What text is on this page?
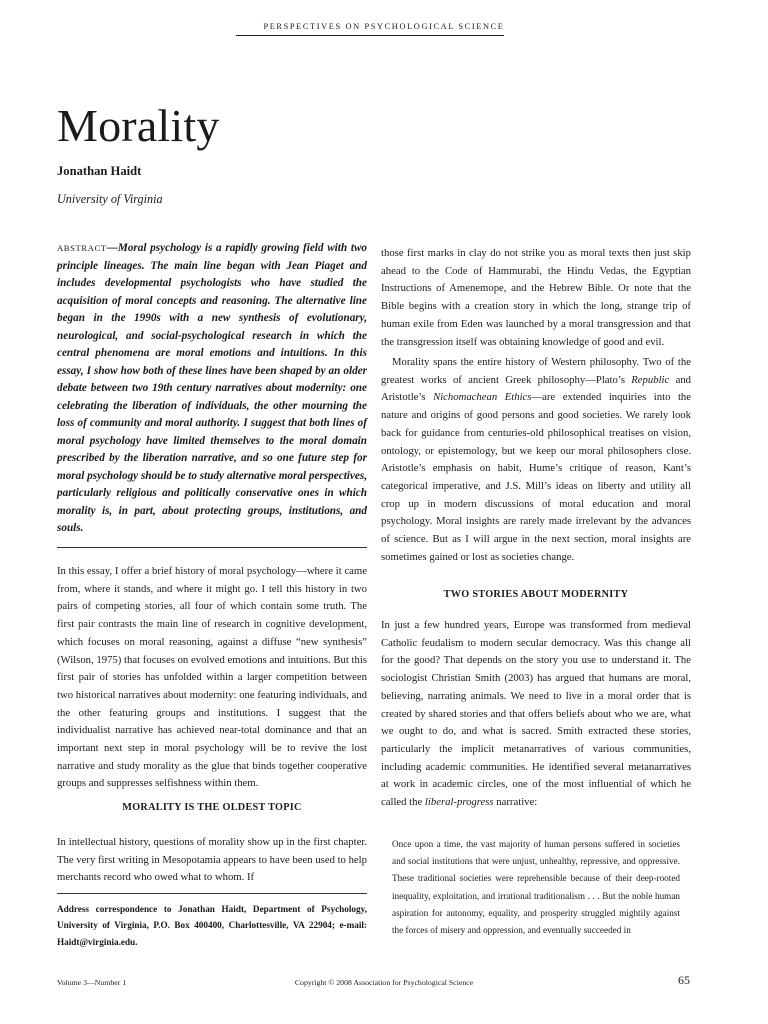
PERSPECTIVES ON PSYCHOLOGICAL SCIENCE
Morality
Jonathan Haidt
University of Virginia
ABSTRACT—Moral psychology is a rapidly growing field with two principle lineages. The main line began with Jean Piaget and includes developmental psychologists who have studied the acquisition of moral concepts and reasoning. The alternative line began in the 1990s with a new synthesis of evolutionary, neurological, and social-psychological research in which the central phenomena are moral emotions and intuitions. In this essay, I show how both of these lines have been shaped by an older debate between two 19th century narratives about modernity: one celebrating the liberation of individuals, the other mourning the loss of community and moral authority. I suggest that both lines of moral psychology have limited themselves to the moral domain prescribed by the liberation narrative, and so one future step for moral psychology should be to study alternative moral perspectives, particularly religious and politically conservative ones in which morality is, in part, about protecting groups, institutions, and souls.

In this essay, I offer a brief history of moral psychology—where it came from, where it stands, and where it might go. I tell this history in two pairs of competing stories, all four of which contain some truth. The first pair contrasts the main line of research in cognitive development, which focuses on moral reasoning, against a diffuse “new synthesis” (Wilson, 1975) that focuses on evolved emotions and intuitions. But this first pair of stories has unfolded within a larger competition between two historical narratives about modernity: one featuring individuals, and the other featuring groups and institutions. I suggest that the individualist narrative has achieved near-total dominance and that an important next step in moral psychology will be to revive the lost narrative and study morality as the glue that binds together cooperative groups and suppresses selfishness within them.

MORALITY IS THE OLDEST TOPIC

In intellectual history, questions of morality show up in the first chapter. The very first writing in Mesopotamia appears to have been used to help merchants record who owed what to whom. If

Address correspondence to Jonathan Haidt, Department of Psychology, University of Virginia, P.O. Box 400400, Charlottesville, VA 22904; e-mail: Haidt@virginia.edu.

those first marks in clay do not strike you as moral texts then just skip ahead to the Code of Hammurabi, the Hindu Vedas, the Egyptian Instructions of Amenemope, and the Hebrew Bible. Or note that the Bible begins with a creation story in which the long, strange trip of human exile from Eden was launched by a moral transgression and that the transgression itself was obtaining knowledge of good and evil.

Morality spans the entire history of Western philosophy. Two of the greatest works of ancient Greek philosophy—Plato’s Republic and Aristotle’s Nichomachean Ethics—are extended inquiries into the nature and origins of good persons and good societies. We rarely look back for guidance from centuries-old philosophical treatises on vision, ontology, or epistemology, but we keep our moral philosophers close. Aristotle’s emphasis on habit, Hume’s critique of reason, Kant’s categorical imperative, and J.S. Mill’s ideas on liberty and utility all crop up in modern discussions of moral education and moral psychology. Moral insights are rarely made irrelevant by the advances of science. But as I will argue in the next section, moral insights are sometimes gained or lost as societies change.

TWO STORIES ABOUT MODERNITY

In just a few hundred years, Europe was transformed from medieval Catholic feudalism to modern secular democracy. Was this change all for the good? That depends on the story you use to understand it. The sociologist Christian Smith (2003) has argued that humans are moral, believing, narrating animals. We need to live in a moral order that is created by shared stories and that offers beliefs about who we are, what we ought to do, and what is sacred. Smith extracted these stories, particularly the implicit metanarratives of various communities, including academic communities. He identified several metanarratives at work in academic circles, one of the most influential of which he called the liberal-progress narrative:

Once upon a time, the vast majority of human persons suffered in societies and social institutions that were unjust, unhealthy, repressive, and oppressive. These traditional societies were reprehensible because of their deep-rooted inequality, exploitation, and irrational traditionalism . . . But the noble human aspiration for autonomy, equality, and prosperity struggled mightily against the forces of misery and oppression, and eventually succeeded in
Volume 3—Number 1	Copyright © 2008 Association for Psychological Science	65
